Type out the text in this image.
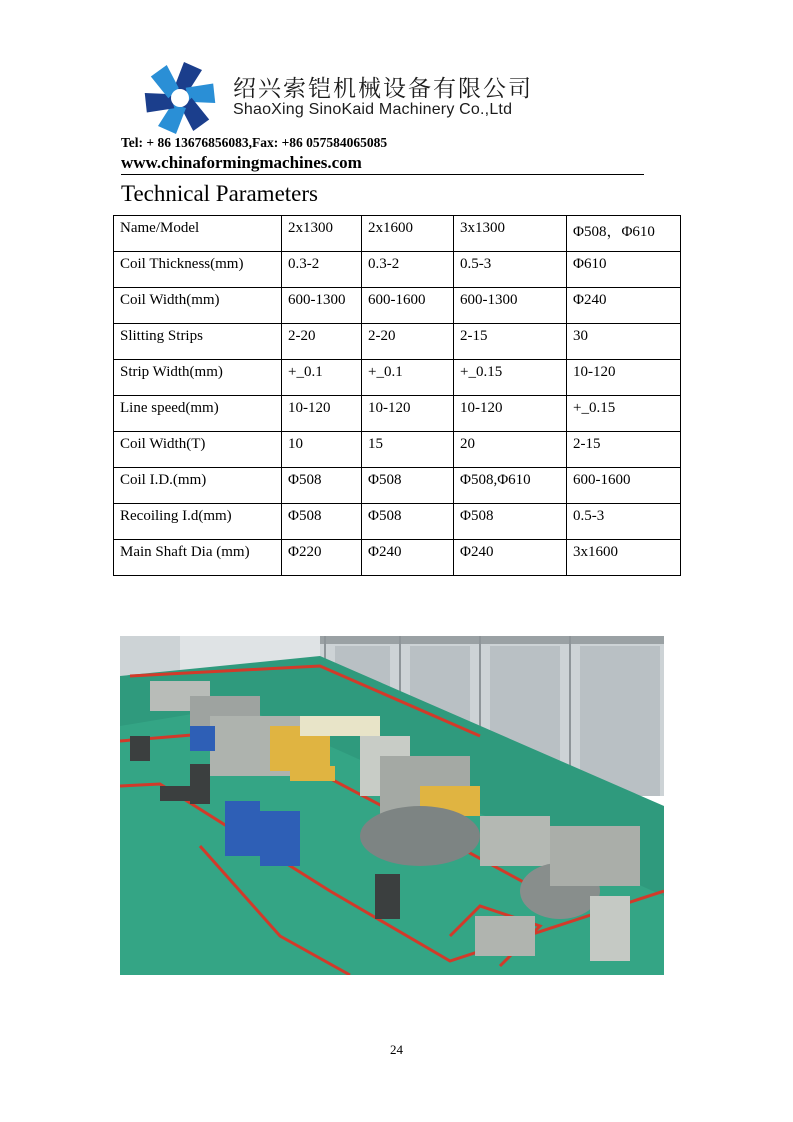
绍兴索铠机械设备有限公司
ShaoXing SinoKaid Machinery Co.,Ltd
Tel: + 86 13676856083,Fax: +86 057584065085
www.chinaformingmachines.com
Technical Parameters
Name/Model	2x1300	2x1600	3x1300	Φ508，Φ610
Coil Thickness(mm)	0.3-2	0.3-2	0.5-3	Φ610
Coil Width(mm)	600-1300	600-1600	600-1300	Φ240
Slitting Strips	2-20	2-20	2-15	30
Strip Width(mm)	+_0.1	+_0.1	+_0.15	10-120
Line speed(mm)	10-120	10-120	10-120	+_0.15
Coil Width(T)	10	15	20	2-15
Coil I.D.(mm)	Φ508	Φ508	Φ508,Φ610	600-1600
Recoiling I.d(mm)	Φ508	Φ508	Φ508	0.5-3
Main Shaft Dia (mm)	Φ220	Φ240	Φ240	3x1600
24
